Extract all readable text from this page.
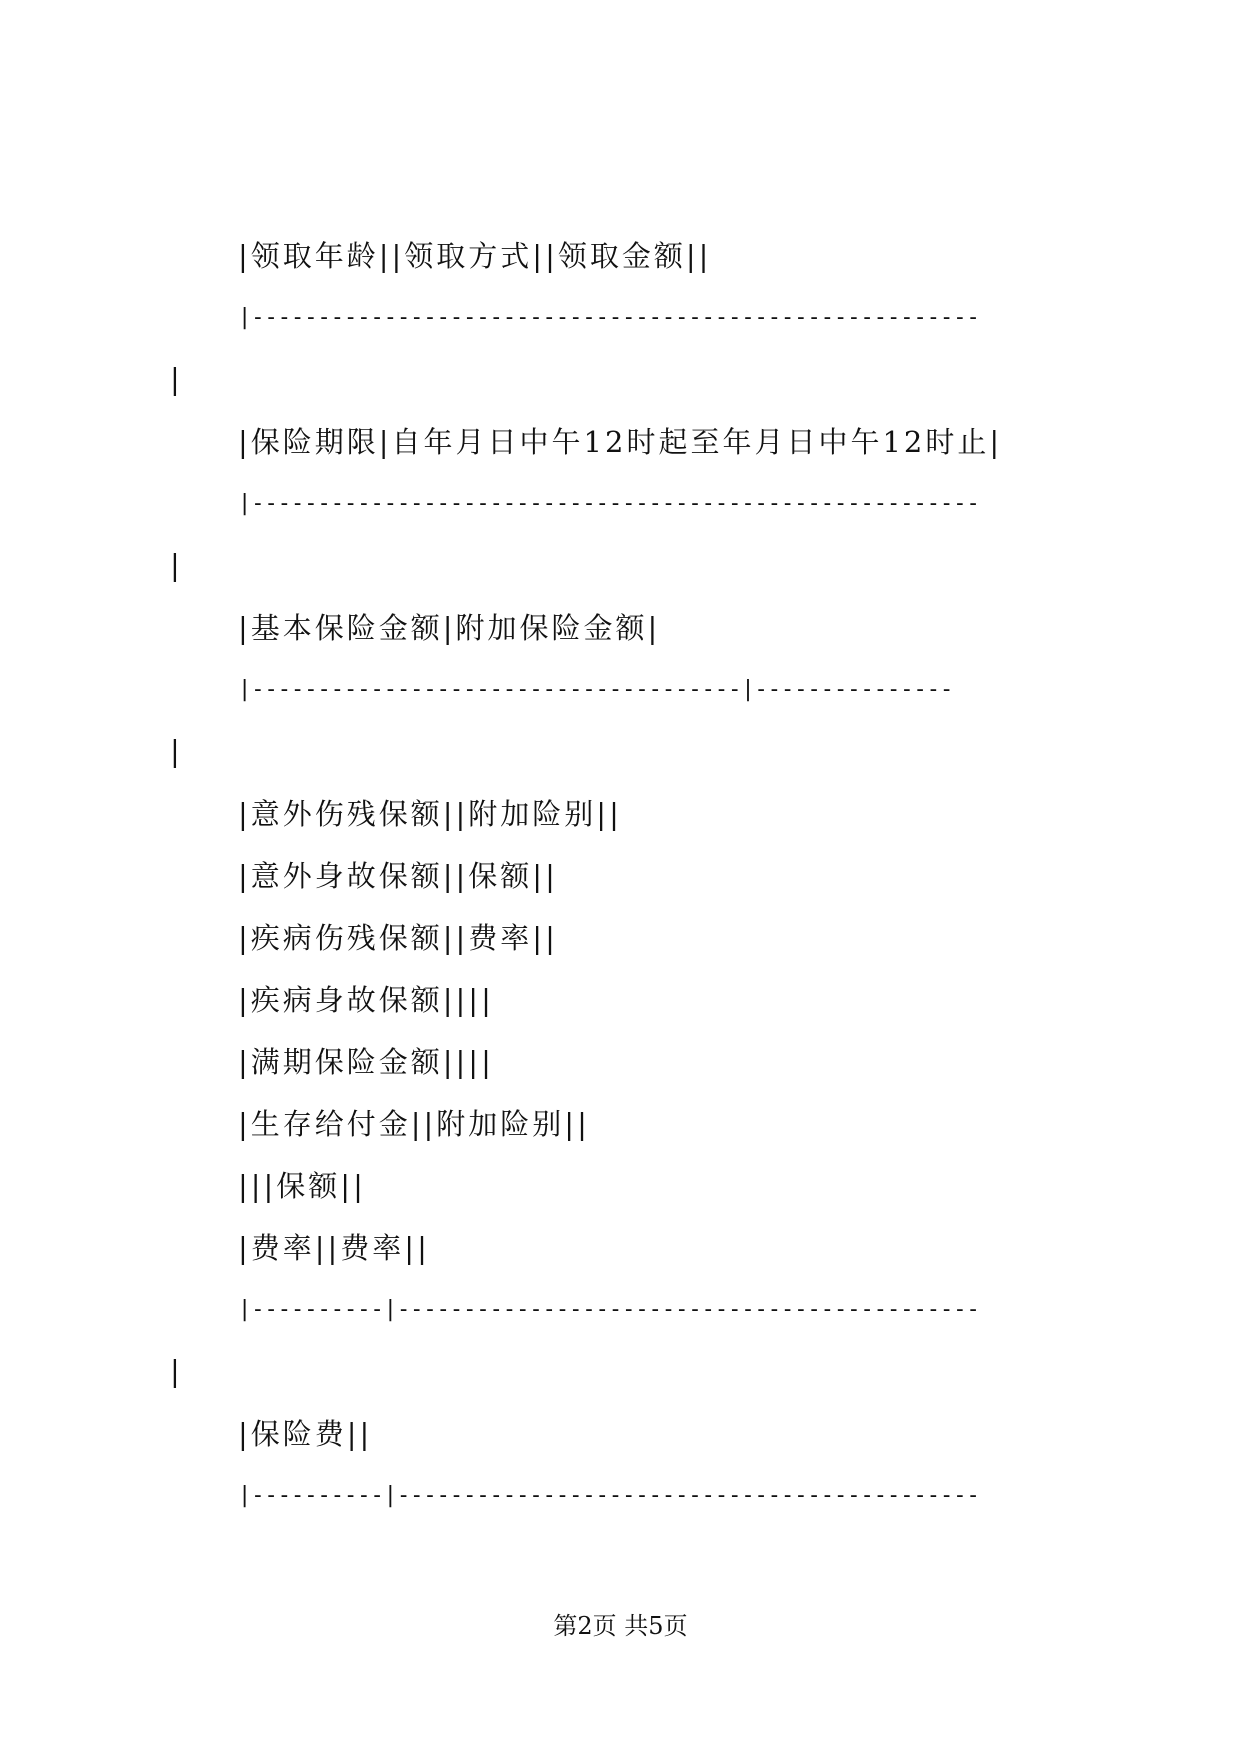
|领取年龄||领取方式||领取金额||
|-------------------------------------------------------
|
|保险期限|自年月日中午12时起至年月日中午12时止|
|-------------------------------------------------------
|
|基本保险金额|附加保险金额|
|-------------------------------------|---------------
|
|意外伤残保额||附加险别||
|意外身故保额||保额||
|疾病伤残保额||费率||
|疾病身故保额||||
|满期保险金额||||
|生存给付金||附加险别||
|||保额||
|费率||费率||
|----------|--------------------------------------------
|
|保险费||
|----------|--------------------------------------------
第2页 共5页
